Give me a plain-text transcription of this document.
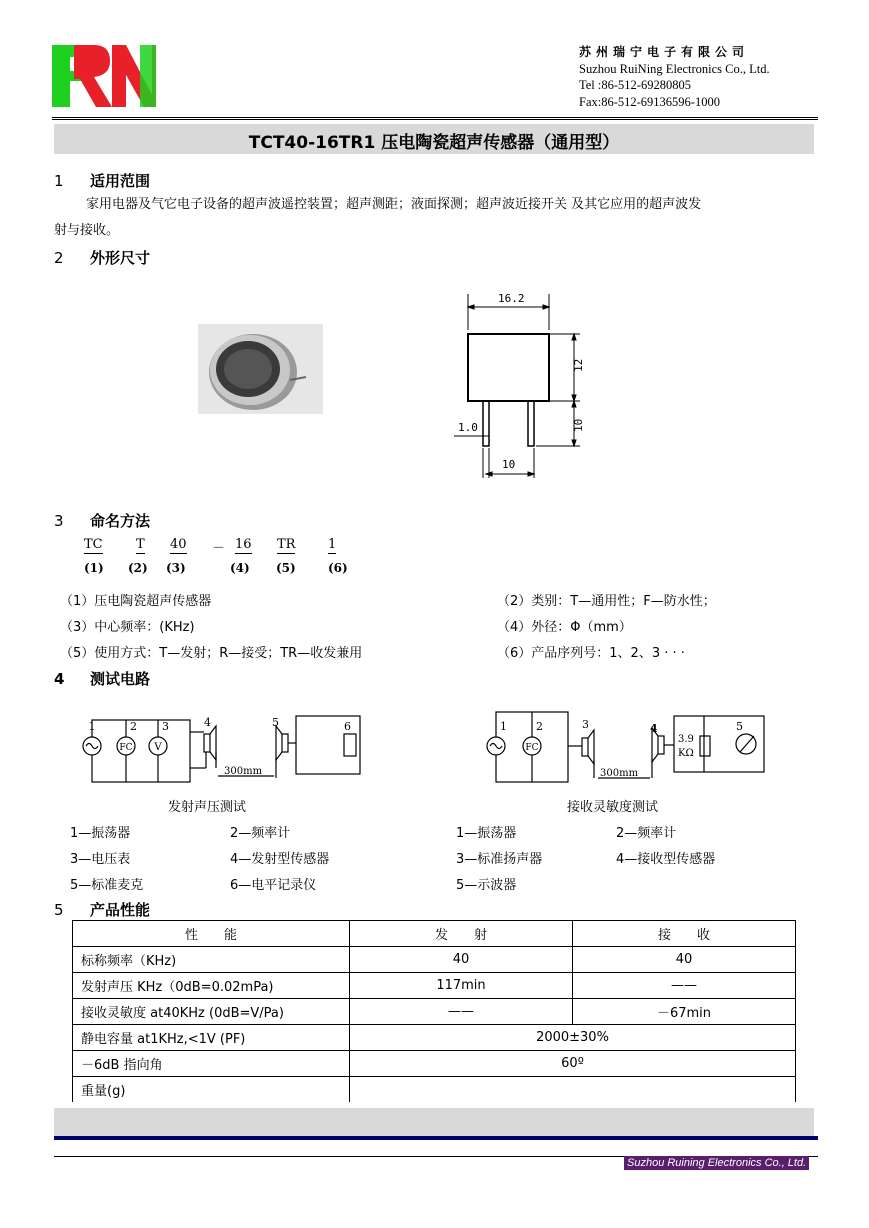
苏州瑞宁电子有限公司
Suzhou RuiNing Electronics Co., Ltd.
Tel :86-512-69280805
Fax:86-512-69136596-1000
TCT40-16TR1 压电陶瓷超声传感器（通用型）
1 适用范围
家用电器及气它电子设备的超声波遥控装置；超声测距；液面探测；超声波近接开关 及其它应用的超声波发
射与接收。
2 外形尺寸
16.2
12
10
1.0
10
3 命名方法
TC	T 40 － 16 TR	1
(1) (2) (3)	(4) (5)	(6)
（1）压电陶瓷超声传感器	（2）类别：T—通用性；F—防水性；
（3）中心频率：(KHz)	（4）外径：Φ（mm）
（5）使用方式：T—发射；R—接受；TR—收发兼用	（6）产品序列号：1、2、3 · · ·
4 测试电路
1	2 3	4	5	6
FC V
300mm
1	2	3	4	5
FC
3.9
KΩ
300mm
发射声压测试	接收灵敏度测试
1—振荡器	2—频率计
3—电压表	4—发射型传感器
5—标准麦克	6—电平记录仪
1—振荡器	2—频率计
3—标准扬声器	4—接收型传感器
5—示波器
5 产品性能
性　　能	发　　射	接　　收
标称频率（KHz)	40	40
发射声压 KHz（0dB=0.02mPa)	117min	——
接收灵敏度 at40KHz (0dB=V/Pa)	——	－67min
静电容量 at1KHz,<1V (PF)	2000±30%	
－6dB 指向角	60º	
重量(g)		
Suzhou Ruining Electronics Co., Ltd.
